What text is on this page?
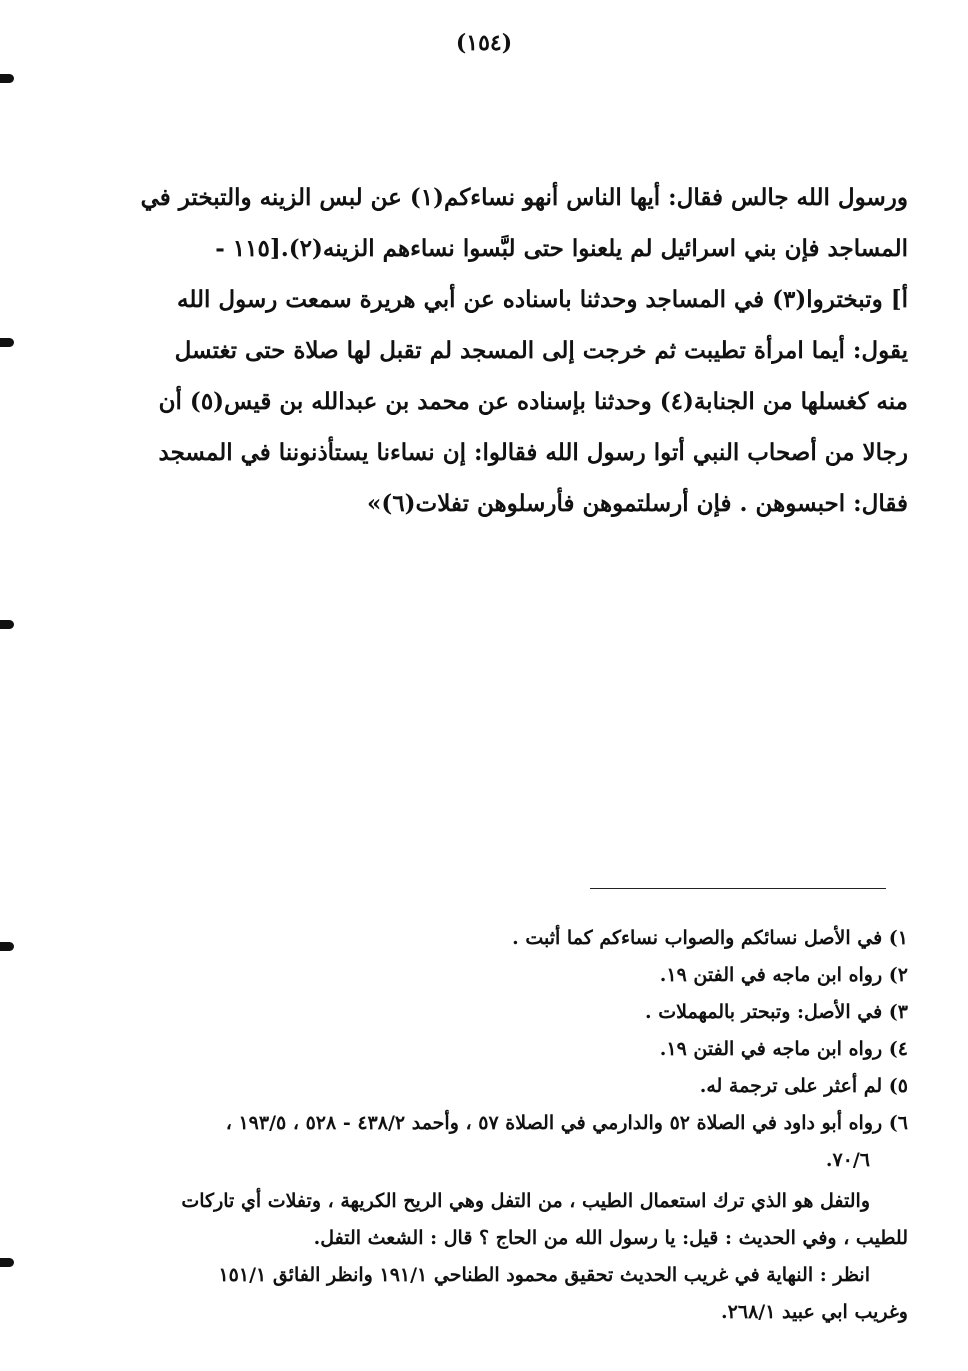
(١٥٤)
ورسول الله جالس فقال: أيها الناس أنهو نساءكم(١) عن لبس الزينه والتبختر في
المساجد فإن بني اسرائيل لم يلعنوا حتى لبَّسوا نساءهم الزينه(٢).[١١٥ -
أ] وتبختروا(٣) في المساجد وحدثنا باسناده عن أبي هريرة سمعت رسول الله
يقول: أيما امرأة تطيبت ثم خرجت إلى المسجد لم تقبل لها صلاة حتى تغتسل
منه كغسلها من الجنابة(٤) وحدثنا بإسناده عن محمد بن عبدالله بن قيس(٥) أن
رجالا من أصحاب النبي أتوا رسول الله فقالوا: إن نساءنا يستأذنوننا في المسجد
فقال: احبسوهن . فإن أرسلتموهن فأرسلوهن تفلات(٦)»
١) في الأصل نسائكم والصواب نساءكم كما أثبت .
٢) رواه ابن ماجه في الفتن ١٩.
٣) في الأصل: وتبحتر بالمهملات .
٤) رواه ابن ماجه في الفتن ١٩.
٥) لم أعثر على ترجمة له.
٦) رواه أبو داود في الصلاة ٥٢ والدارمي في الصلاة ٥٧ ، وأحمد ٤٣٨/٢ - ٥٢٨ ، ١٩٣/٥ ،
٧٠/٦.
والتفل هو الذي ترك استعمال الطيب ، من التفل وهي الريح الكريهة ، وتفلات أي تاركات
للطيب ، وفي الحديث : قيل: يا رسول الله من الحاج ؟ قال : الشعث التفل.
انظر : النهاية في غريب الحديث تحقيق محمود الطناحي ١٩١/١ وانظر الفائق ١٥١/١
وغريب ابي عبيد ٢٦٨/١.
